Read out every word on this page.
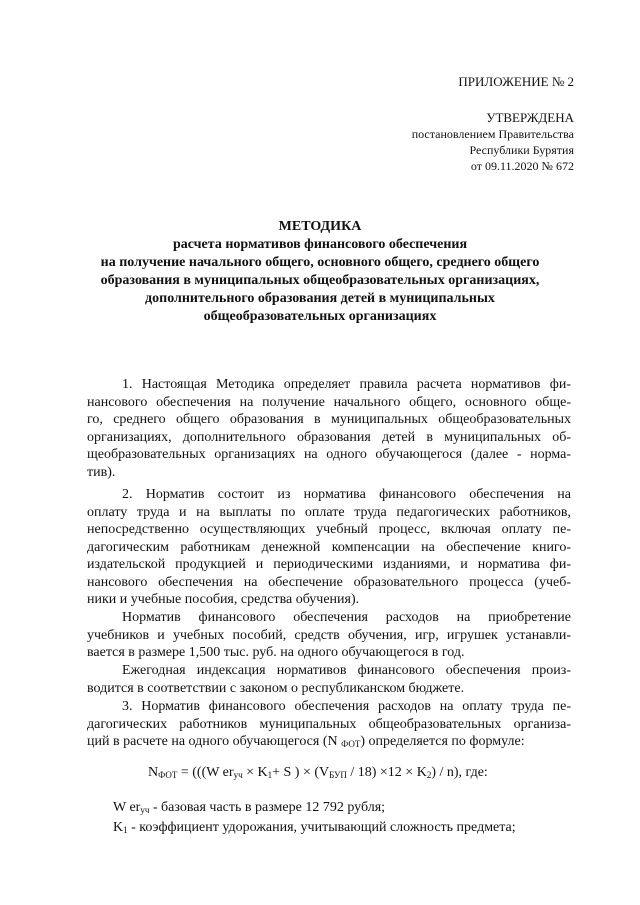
ПРИЛОЖЕНИЕ № 2
УТВЕРЖДЕНА
постановлением Правительства
Республики Бурятия
от 09.11.2020 № 672
МЕТОДИКА
расчета нормативов финансового обеспечения
на получение начального общего, основного общего, среднего общего
образования в муниципальных общеобразовательных организациях,
дополнительного образования детей в муниципальных
общеобразовательных организациях
1. Настоящая Методика определяет правила расчета нормативов фи-
нансового обеспечения на получение начального общего, основного обще-
го, среднего общего образования в муниципальных общеобразовательных
организациях, дополнительного образования детей в муниципальных об-
щеобразовательных организациях на одного обучающегося (далее - норма-
тив).
2. Норматив состоит из норматива финансового обеспечения на
оплату труда и на выплаты по оплате труда педагогических работников,
непосредственно осуществляющих учебный процесс, включая оплату пе-
дагогическим работникам денежной компенсации на обеспечение книго-
издательской продукцией и периодическими изданиями, и норматива фи-
нансового обеспечения на обеспечение образовательного процесса (учеб-
ники и учебные пособия, средства обучения).
Норматив финансового обеспечения расходов на приобретение
учебников и учебных пособий, средств обучения, игр, игрушек устанавли-
вается в размере 1,500 тыс. руб. на одного обучающегося в год.
Ежегодная индексация нормативов финансового обеспечения произ-
водится в соответствии с законом о республиканском бюджете.
3. Норматив финансового обеспечения расходов на оплату труда пе-
дагогических работников муниципальных общеобразовательных организа-
ций в расчете на одного обучающегося (N $_{ФОТ}$) определяется по формуле:
$N_{ФОТ} = (((W$ $er_{уч} \times K_1+ S$ ) × $(V_{БУП} / 18) \times 12 \times K_2) / n$), где:
W $er_{уч}$ - базовая часть в размере 12 792 рубля;
$K_1$ - коэффициент удорожания, учитывающий сложность предмета;
